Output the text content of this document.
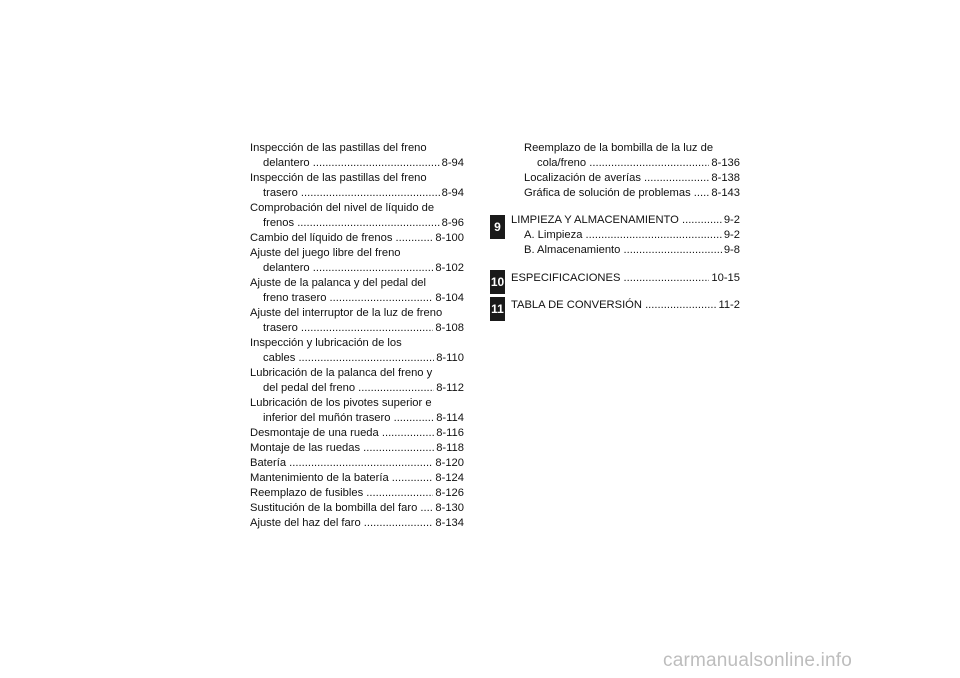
Inspección de las pastillas del freno
delantero .....	8-94
Inspección de las pastillas del freno
trasero .....	8-94
Comprobación del nivel de líquido de
frenos .....	8-96
Cambio del líquido de frenos .....	8-100
Ajuste del juego libre del freno
delantero .....	8-102
Ajuste de la palanca y del pedal del
freno trasero .....	8-104
Ajuste del interruptor de la luz de freno
trasero .....	8-108
Inspección y lubricación de los
cables .....	8-110
Lubricación de la palanca del freno y
del pedal del freno .....	8-112
Lubricación de los pivotes superior e
inferior del muñón trasero .....	8-114
Desmontaje de una rueda .....	8-116
Montaje de las ruedas .....	8-118
Batería .....	8-120
Mantenimiento de la batería .....	8-124
Reemplazo de fusibles .....	8-126
Sustitución de la bombilla del faro .....	8-130
Ajuste del haz del faro .....	8-134
Reemplazo de la bombilla de la luz de
cola/freno .....	8-136
Localización de averías .....	8-138
Gráfica de solución de problemas .....	8-143
LIMPIEZA Y ALMACENAMIENTO .....	9-2
A. Limpieza .....	9-2
B. Almacenamiento .....	9-8
ESPECIFICACIONES .....	10-15
TABLA DE CONVERSIÓN .....	11-2
9
10
11
carmanualsonline.info
